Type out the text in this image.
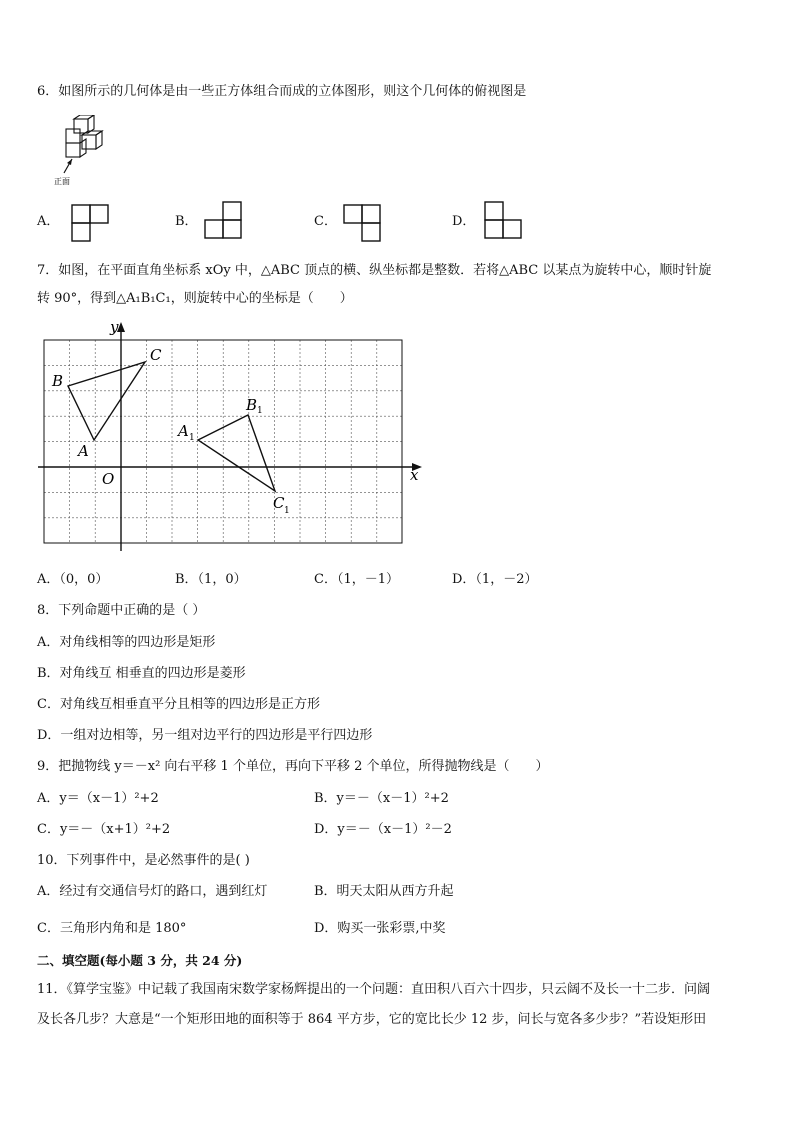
6．如图所示的几何体是由一些正方体组合而成的立体图形，则这个几何体的俯视图是
正面
A．	B．	C．	D．
7．如图，在平面直角坐标系 xOy 中，△ABC 顶点的横、纵坐标都是整数．若将△ABC 以某点为旋转中心，顺时针旋
转 90°，得到△A₁B₁C₁，则旋转中心的坐标是（　　）
y
x
O
A
B
C
A 1
B 1
C 1
A．（0，0）	B．（1，0）	C．（1，－1）	D．（1，－2）
8．下列命题中正确的是（ ）
A．对角线相等的四边形是矩形
B．对角线互 相垂直的四边形是菱形
C．对角线互相垂直平分且相等的四边形是正方形
D．一组对边相等，另一组对边平行的四边形是平行四边形
9．把抛物线 y＝－x² 向右平移 1 个单位，再向下平移 2 个单位，所得抛物线是（　　）
A．y＝（x－1）²+2	B．y＝－（x－1）²+2
C．y＝－（x+1）²+2	D．y＝－（x－1）²－2
10．下列事件中，是必然事件的是( )
A．经过有交通信号灯的路口，遇到红灯	B．明天太阳从西方升起
C．三角形内角和是 180°	D．购买一张彩票,中奖
二、填空题(每小题 3 分，共 24 分)
11．《算学宝鉴》中记载了我国南宋数学家杨辉提出的一个问题：直田积八百六十四步，只云阔不及长一十二步．问阔
及长各几步？大意是“一个矩形田地的面积等于 864 平方步，它的宽比长少 12 步，问长与宽各多少步？”若设矩形田
